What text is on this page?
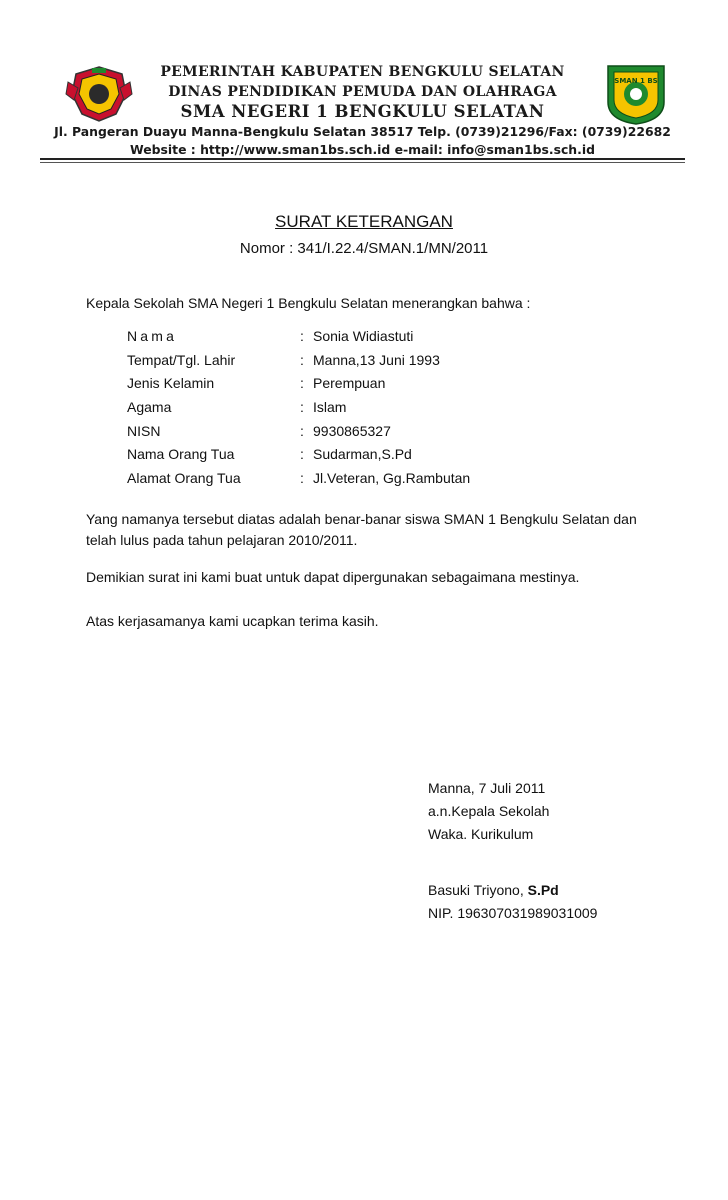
PEMERINTAH KABUPATEN BENGKULU SELATAN
DINAS PENDIDIKAN PEMUDA DAN OLAHRAGA
SMA NEGERI 1 BENGKULU SELATAN
Jl. Pangeran Duayu Manna-Bengkulu Selatan 38517 Telp. (0739)21296/Fax: (0739)22682
Website : http://www.sman1bs.sch.id e-mail: info@sman1bs.sch.id
SMAN 1 BS
SURAT KETERANGAN
Nomor : 341/I.22.4/SMAN.1/MN/2011
Kepala Sekolah SMA Negeri 1 Bengkulu Selatan menerangkan bahwa :
Nama	: Sonia Widiastuti
Tempat/Tgl. Lahir	: Manna,13 Juni 1993
Jenis Kelamin	: Perempuan
Agama	: Islam
NISN	: 9930865327
Nama Orang Tua	: Sudarman,S.Pd
Alamat Orang Tua	: Jl.Veteran, Gg.Rambutan
Yang namanya tersebut diatas adalah benar-banar siswa SMAN 1 Bengkulu Selatan dan telah lulus pada tahun pelajaran 2010/2011.
Demikian surat ini kami buat untuk dapat dipergunakan sebagaimana mestinya.
Atas kerjasamanya kami ucapkan terima kasih.
Manna, 7 Juli 2011
a.n.Kepala Sekolah
Waka. Kurikulum
Basuki Triyono, S.Pd
NIP. 196307031989031009
